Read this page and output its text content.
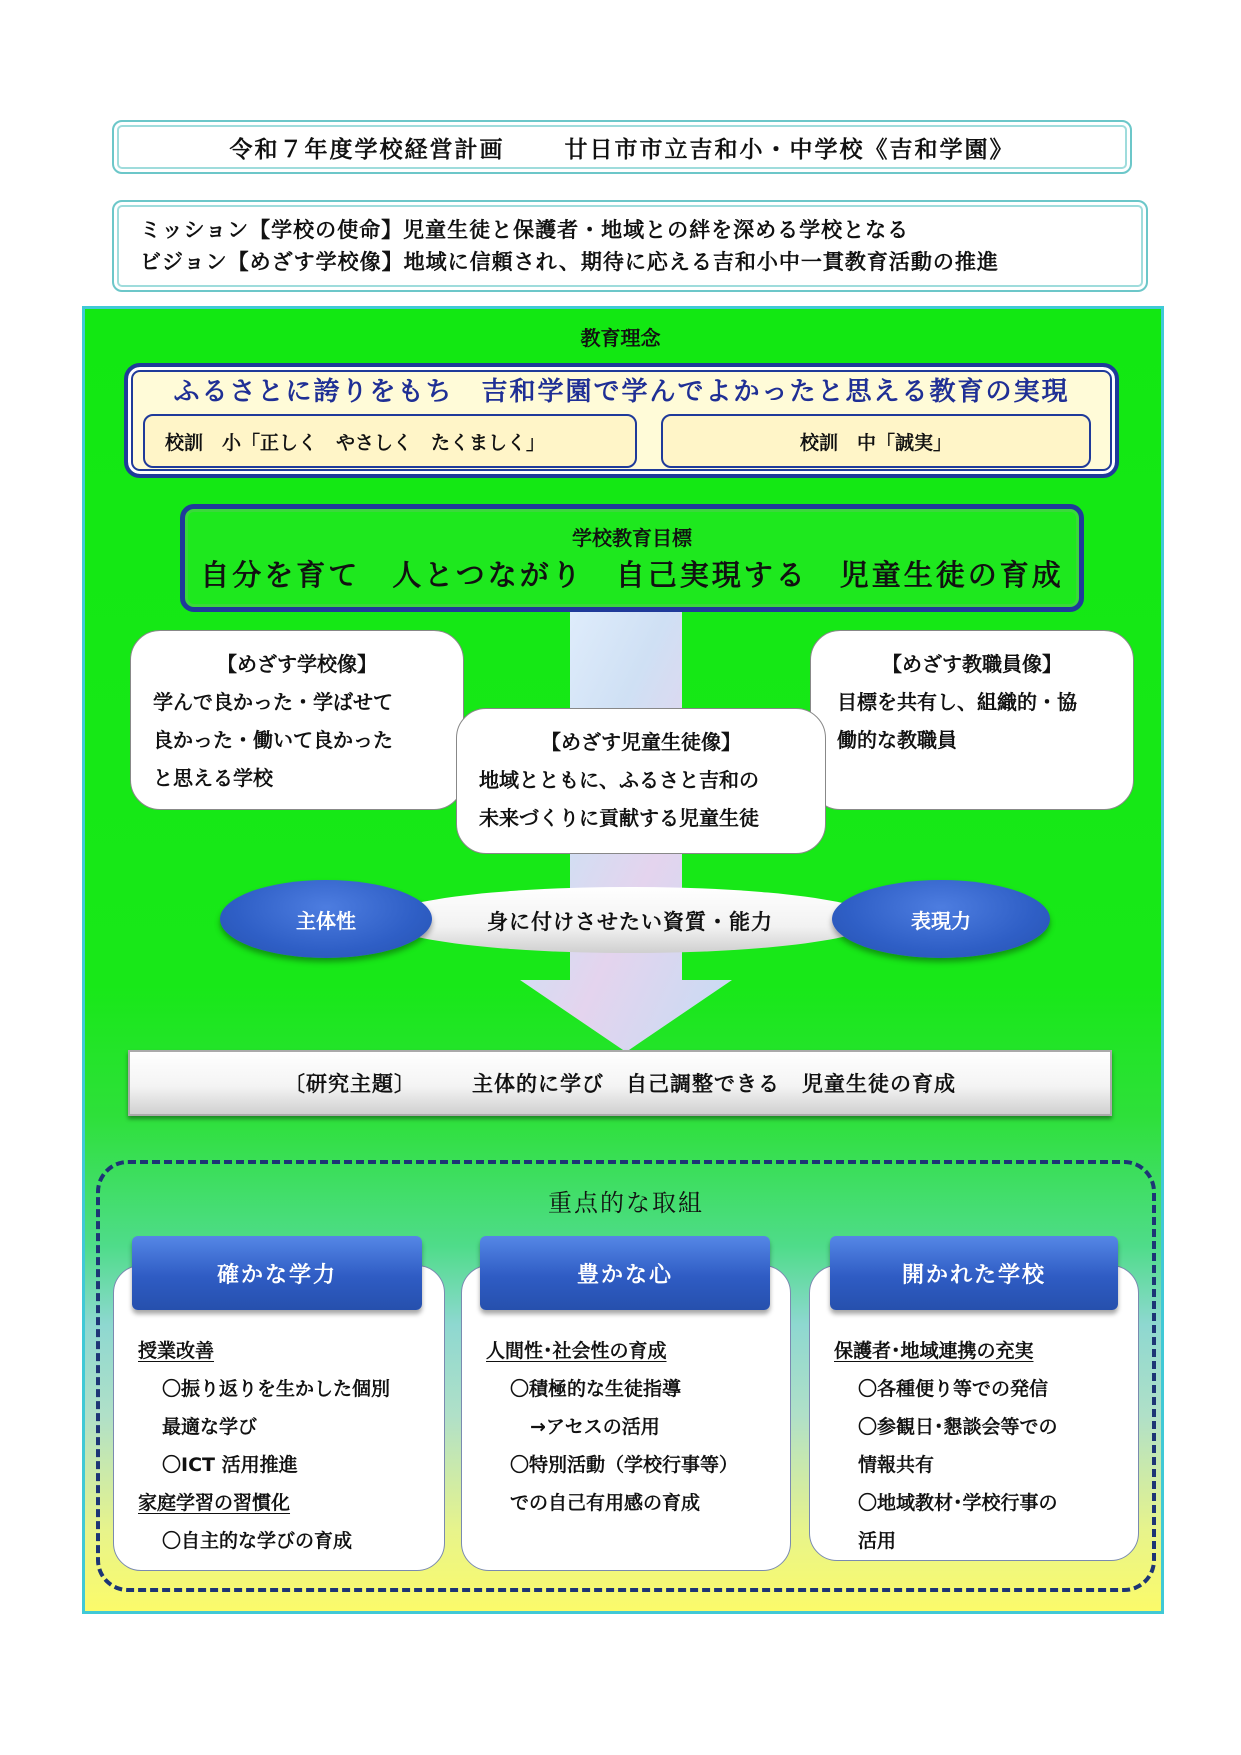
令和７年度学校経営計画	廿日市市立吉和小・中学校《吉和学園》
ミッション【学校の使命】児童生徒と保護者・地域との絆を深める学校となる
ビジョン【めざす学校像】地域に信頼され、期待に応える吉和小中一貫教育活動の推進
教育理念
ふるさとに誇りをもち　吉和学園で学んでよかったと思える教育の実現
校訓　小「正しく　やさしく　たくましく」	校訓　中「誠実」
学校教育目標
自分を育て　人とつながり　自己実現する　児童生徒の育成
【めざす学校像】
学んで良かった・学ばせて
良かった・働いて良かった
と思える学校
【めざす教職員像】
目標を共有し、組織的・協
働的な教職員
【めざす児童生徒像】
地域とともに、ふるさと吉和の
未来づくりに貢献する児童生徒
主体性	表現力
身に付けさせたい資質・能力
〔研究主題〕	主体的に学び　自己調整できる　児童生徒の育成
重点的な取組
授業改善
〇振り返りを生かした個別
最適な学び
〇ICT 活用推進
家庭学習の習慣化
〇自主的な学びの育成
人間性･社会性の育成
〇積極的な生徒指導
→アセスの活用
〇特別活動（学校行事等）
での自己有用感の育成
保護者･地域連携の充実
〇各種便り等での発信
〇参観日･懇談会等での
情報共有
〇地域教材･学校行事の
活用
確かな学力	豊かな心	開かれた学校
